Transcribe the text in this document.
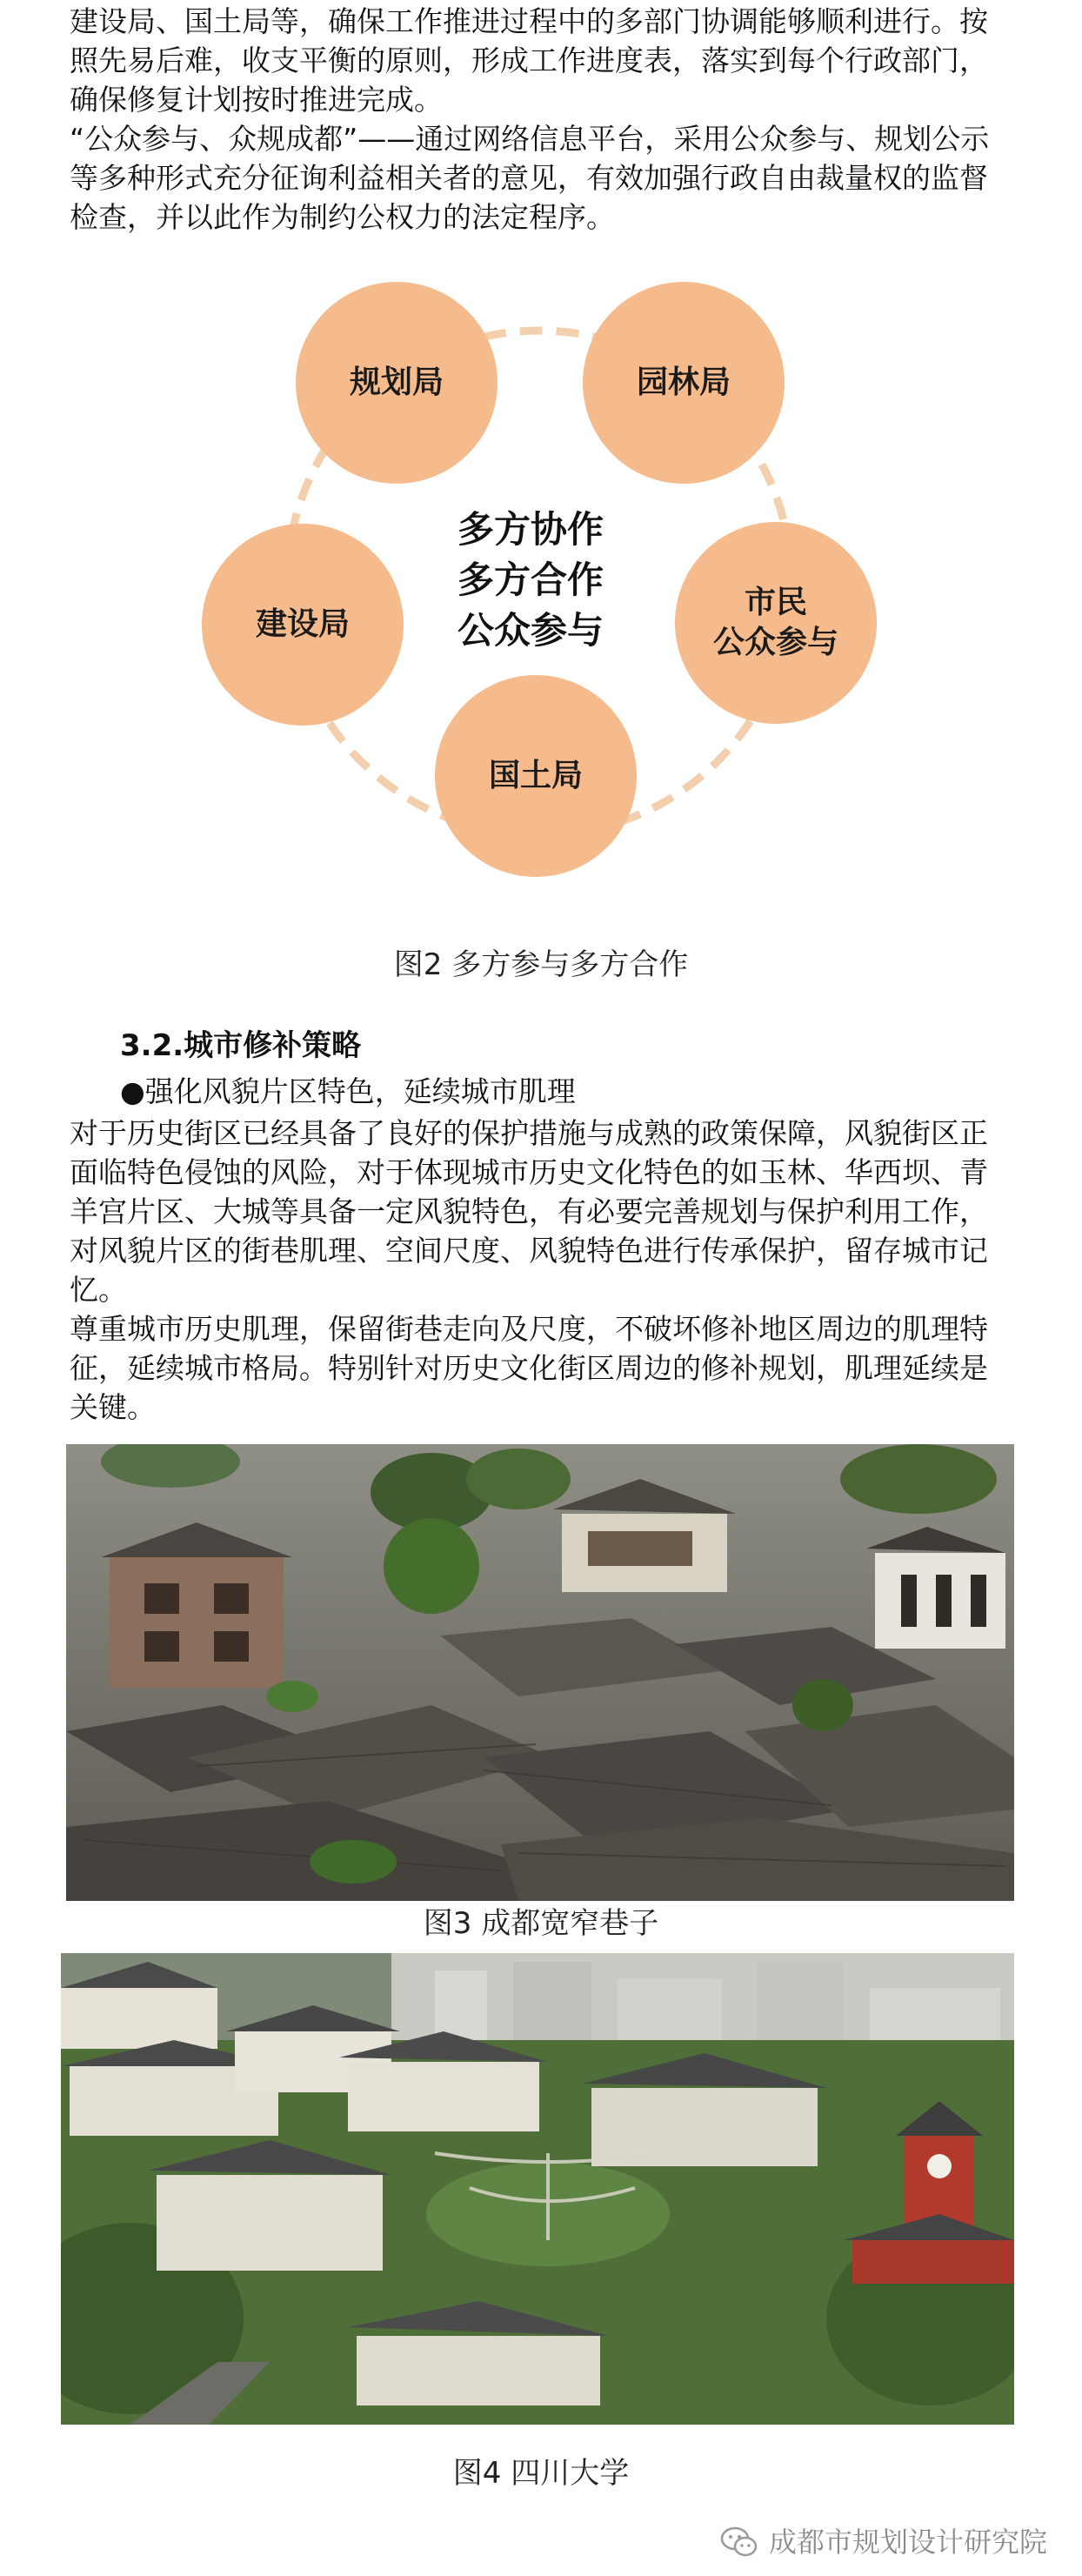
建设局、国土局等，确保工作推进过程中的多部门协调能够顺利进行。按照先易后难，收支平衡的原则，形成工作进度表，落实到每个行政部门，确保修复计划按时推进完成。

“公众参与、众规成都”——通过网络信息平台，采用公众参与、规划公示等多种形式充分征询利益相关者的意见，有效加强行政自由裁量权的监督检查，并以此作为制约公权力的法定程序。

规划局	园林局
建设局
市民
公众参与
国土局
多方协作
多方合作
公众参与
图2 多方参与多方合作
3.2.城市修补策略
●强化风貌片区特色，延续城市肌理

对于历史街区已经具备了良好的保护措施与成熟的政策保障，风貌街区正面临特色侵蚀的风险，对于体现城市历史文化特色的如玉林、华西坝、青羊宫片区、大城等具备一定风貌特色，有必要完善规划与保护利用工作，对风貌片区的街巷肌理、空间尺度、风貌特色进行传承保护，留存城市记忆。

尊重城市历史肌理，保留街巷走向及尺度，不破坏修补地区周边的肌理特征，延续城市格局。特别针对历史文化街区周边的修补规划，肌理延续是关键。

图3 成都宽窄巷子
图4 四川大学
成都市规划设计研究院
